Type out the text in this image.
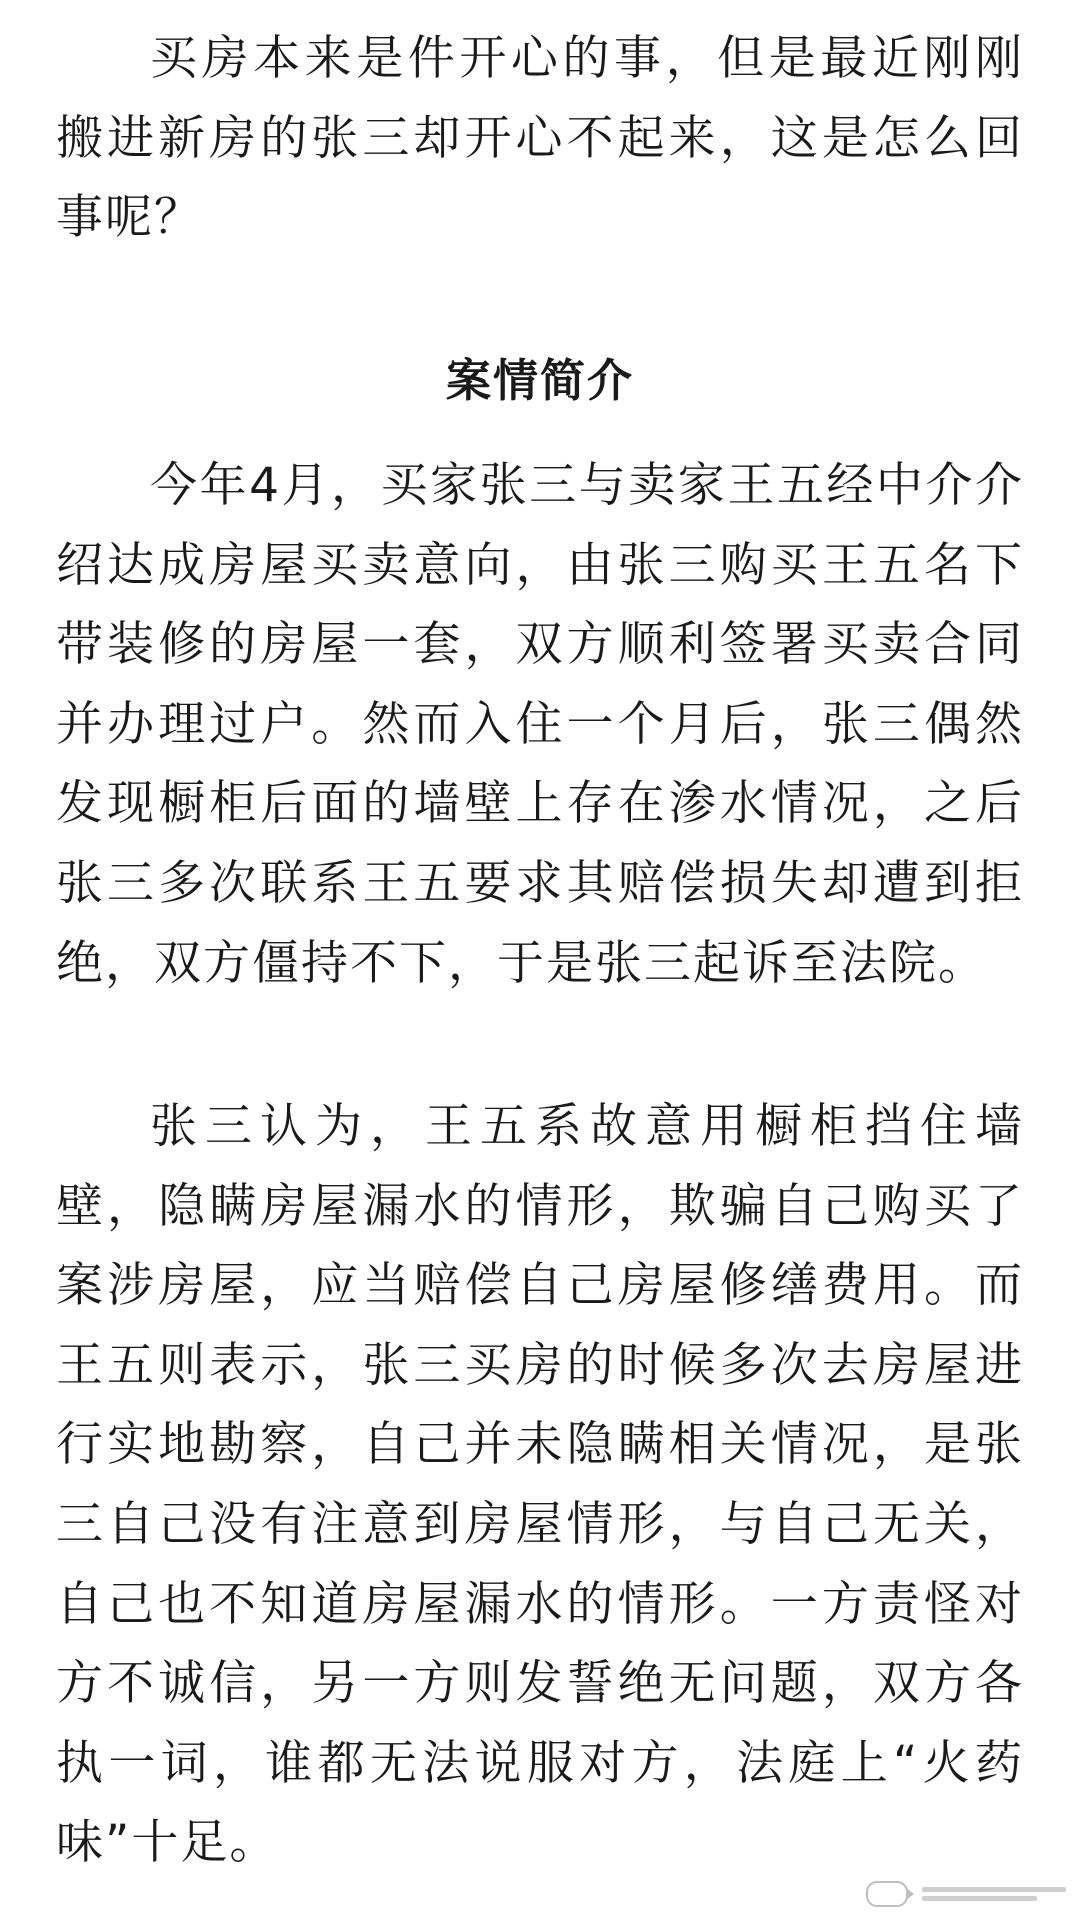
买房本来是件开心的事，但是最近刚刚搬进新房的张三却开心不起来，这是怎么回事呢？

案情简介

今年4月，买家张三与卖家王五经中介介绍达成房屋买卖意向，由张三购买王五名下带装修的房屋一套，双方顺利签署买卖合同并办理过户。然而入住一个月后，张三偶然发现橱柜后面的墙壁上存在渗水情况，之后张三多次联系王五要求其赔偿损失却遭到拒绝，双方僵持不下，于是张三起诉至法院。

张三认为，王五系故意用橱柜挡住墙壁，隐瞒房屋漏水的情形，欺骗自己购买了案涉房屋，应当赔偿自己房屋修缮费用。而王五则表示，张三买房的时候多次去房屋进行实地勘察，自己并未隐瞒相关情况，是张三自己没有注意到房屋情形，与自己无关，自己也不知道房屋漏水的情形。一方责怪对方不诚信，另一方则发誓绝无问题，双方各执一词，谁都无法说服对方，法庭上“火药味”十足。
